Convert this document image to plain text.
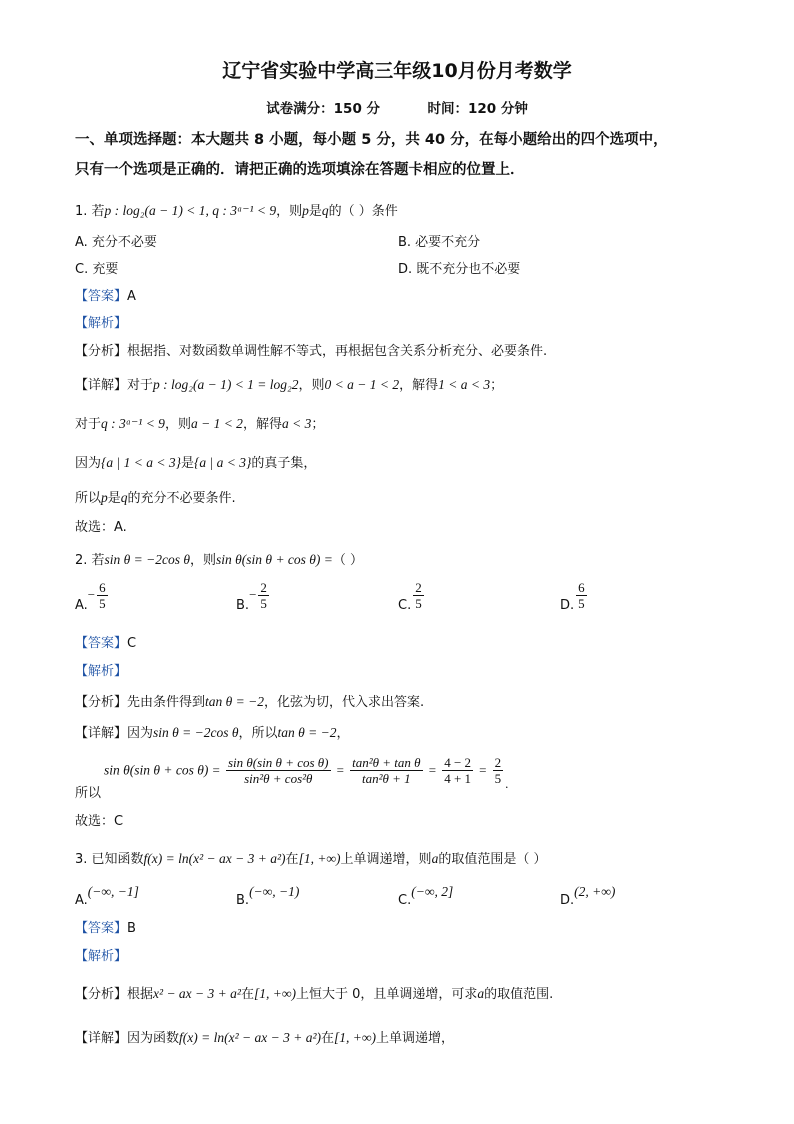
辽宁省实验中学高三年级10月份月考数学
试卷满分：150 分	时间：120 分钟
一、单项选择题：本大题共 8 小题，每小题 5 分，共 40 分，在每小题给出的四个选项中，
只有一个选项是正确的．请把正确的选项填涂在答题卡相应的位置上．
1. 若p : log₂(a − 1) < 1, q : 3ᵃ⁻¹ < 9，则p是q的（ ）条件
A. 充分不必要	B. 必要不充分
C. 充要	D. 既不充分也不必要
【答案】A
【解析】
【分析】根据指、对数函数单调性解不等式，再根据包含关系分析充分、必要条件.
【详解】对于p : log₂(a − 1) < 1 = log₂2，则0 < a − 1 < 2，解得1 < a < 3；
对于q : 3ᵃ⁻¹ < 9，则a − 1 < 2，解得a < 3；
因为{a | 1 < a < 3}是{a | a < 3}的真子集，
所以p是q的充分不必要条件.
故选：A.
2. 若sin θ = −2cos θ，则sin θ(sin θ + cos θ) =（ ）
$A.- \frac{6}{5}$	$B.- \frac{2}{5}$	C. $\frac{2}{5}$	D. $\frac{6}{5}$
【答案】C
【解析】
【分析】先由条件得到tan θ = −2，化弦为切，代入求出答案.
【详解】因为sin θ = −2cos θ，所以tan θ = −2，
所以
sin θ(sin $\theta + \cos \theta) = \frac{\text{sin θ(sin θ + cos θ)}}{\text{sin²θ + cos²θ}} = \frac{\text{tan²θ + tan θ}}{\text{tan²θ + 1}} = \frac{4 - 2}{4 + 1} = \frac{2}{5}$ .
故选：C
3. 已知函数f(x) = ln(x² − ax − 3 + a²)在[1, +∞)上单调递增，则a的取值范围是（ ）
A.(−∞, −1]
B.(−∞, −1)
C.(−∞, 2]
D.(2, +∞)
【答案】B
【解析】
【分析】根据x² − ax − 3 + a²在[1, +∞)上恒大于 0，且单调递增，可求a的取值范围.
【详解】因为函数f(x) = ln(x² − ax − 3 + a²)在[1, +∞)上单调递增，
